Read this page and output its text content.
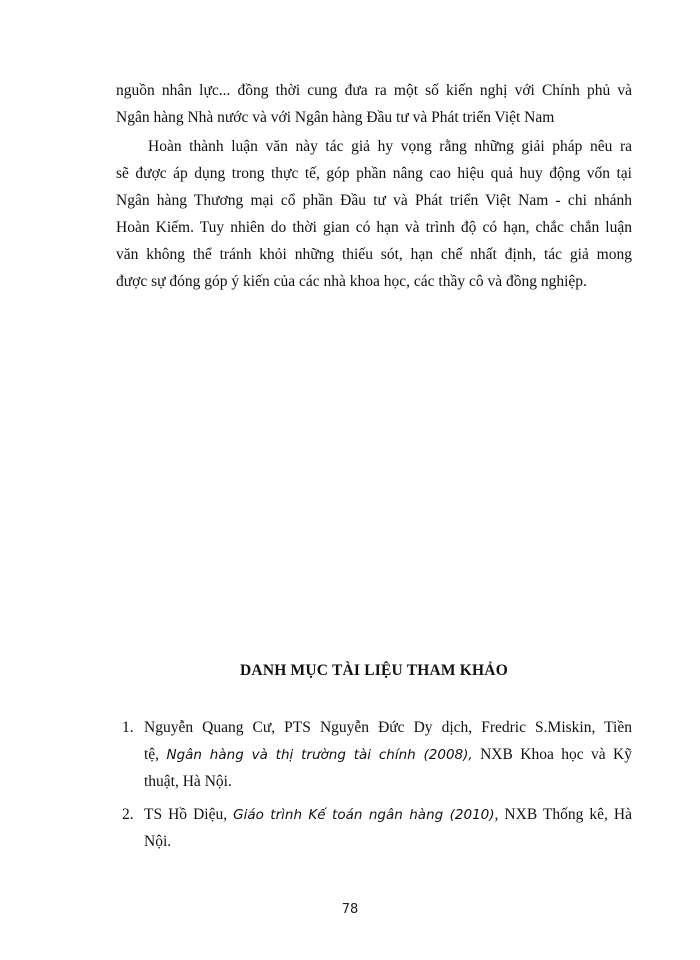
nguồn nhân lực... đồng thời cung đưa ra một số kiến nghị với Chính phủ và
Ngân hàng Nhà nước và với Ngân hàng Đầu tư và Phát triển Việt Nam
Hoàn thành luận văn này tác giả hy vọng rằng những giải pháp nêu ra
sẽ được áp dụng trong thực tế, góp phần nâng cao hiệu quả huy động vốn tại
Ngân hàng Thương mại cổ phần Đầu tư và Phát triển Việt Nam - chi nhánh
Hoàn Kiếm. Tuy nhiên do thời gian có hạn và trình độ có hạn, chắc chắn luận
văn không thể tránh khỏi những thiếu sót, hạn chế nhất định, tác giả mong
được sự đóng góp ý kiến của các nhà khoa học, các thầy cô và đồng nghiệp.
DANH MỤC TÀI LIỆU THAM KHẢO
1. Nguyễn Quang Cư, PTS Nguyễn Đức Dy dịch, Fredric S.Miskin, Tiền
tệ, Ngân hàng và thị trường tài chính (2008), NXB Khoa học và Kỹ
thuật, Hà Nội.
2. TS Hồ Diệu, Giáo trình Kế toán ngân hàng (2010), NXB Thống kê, Hà
Nội.
78
